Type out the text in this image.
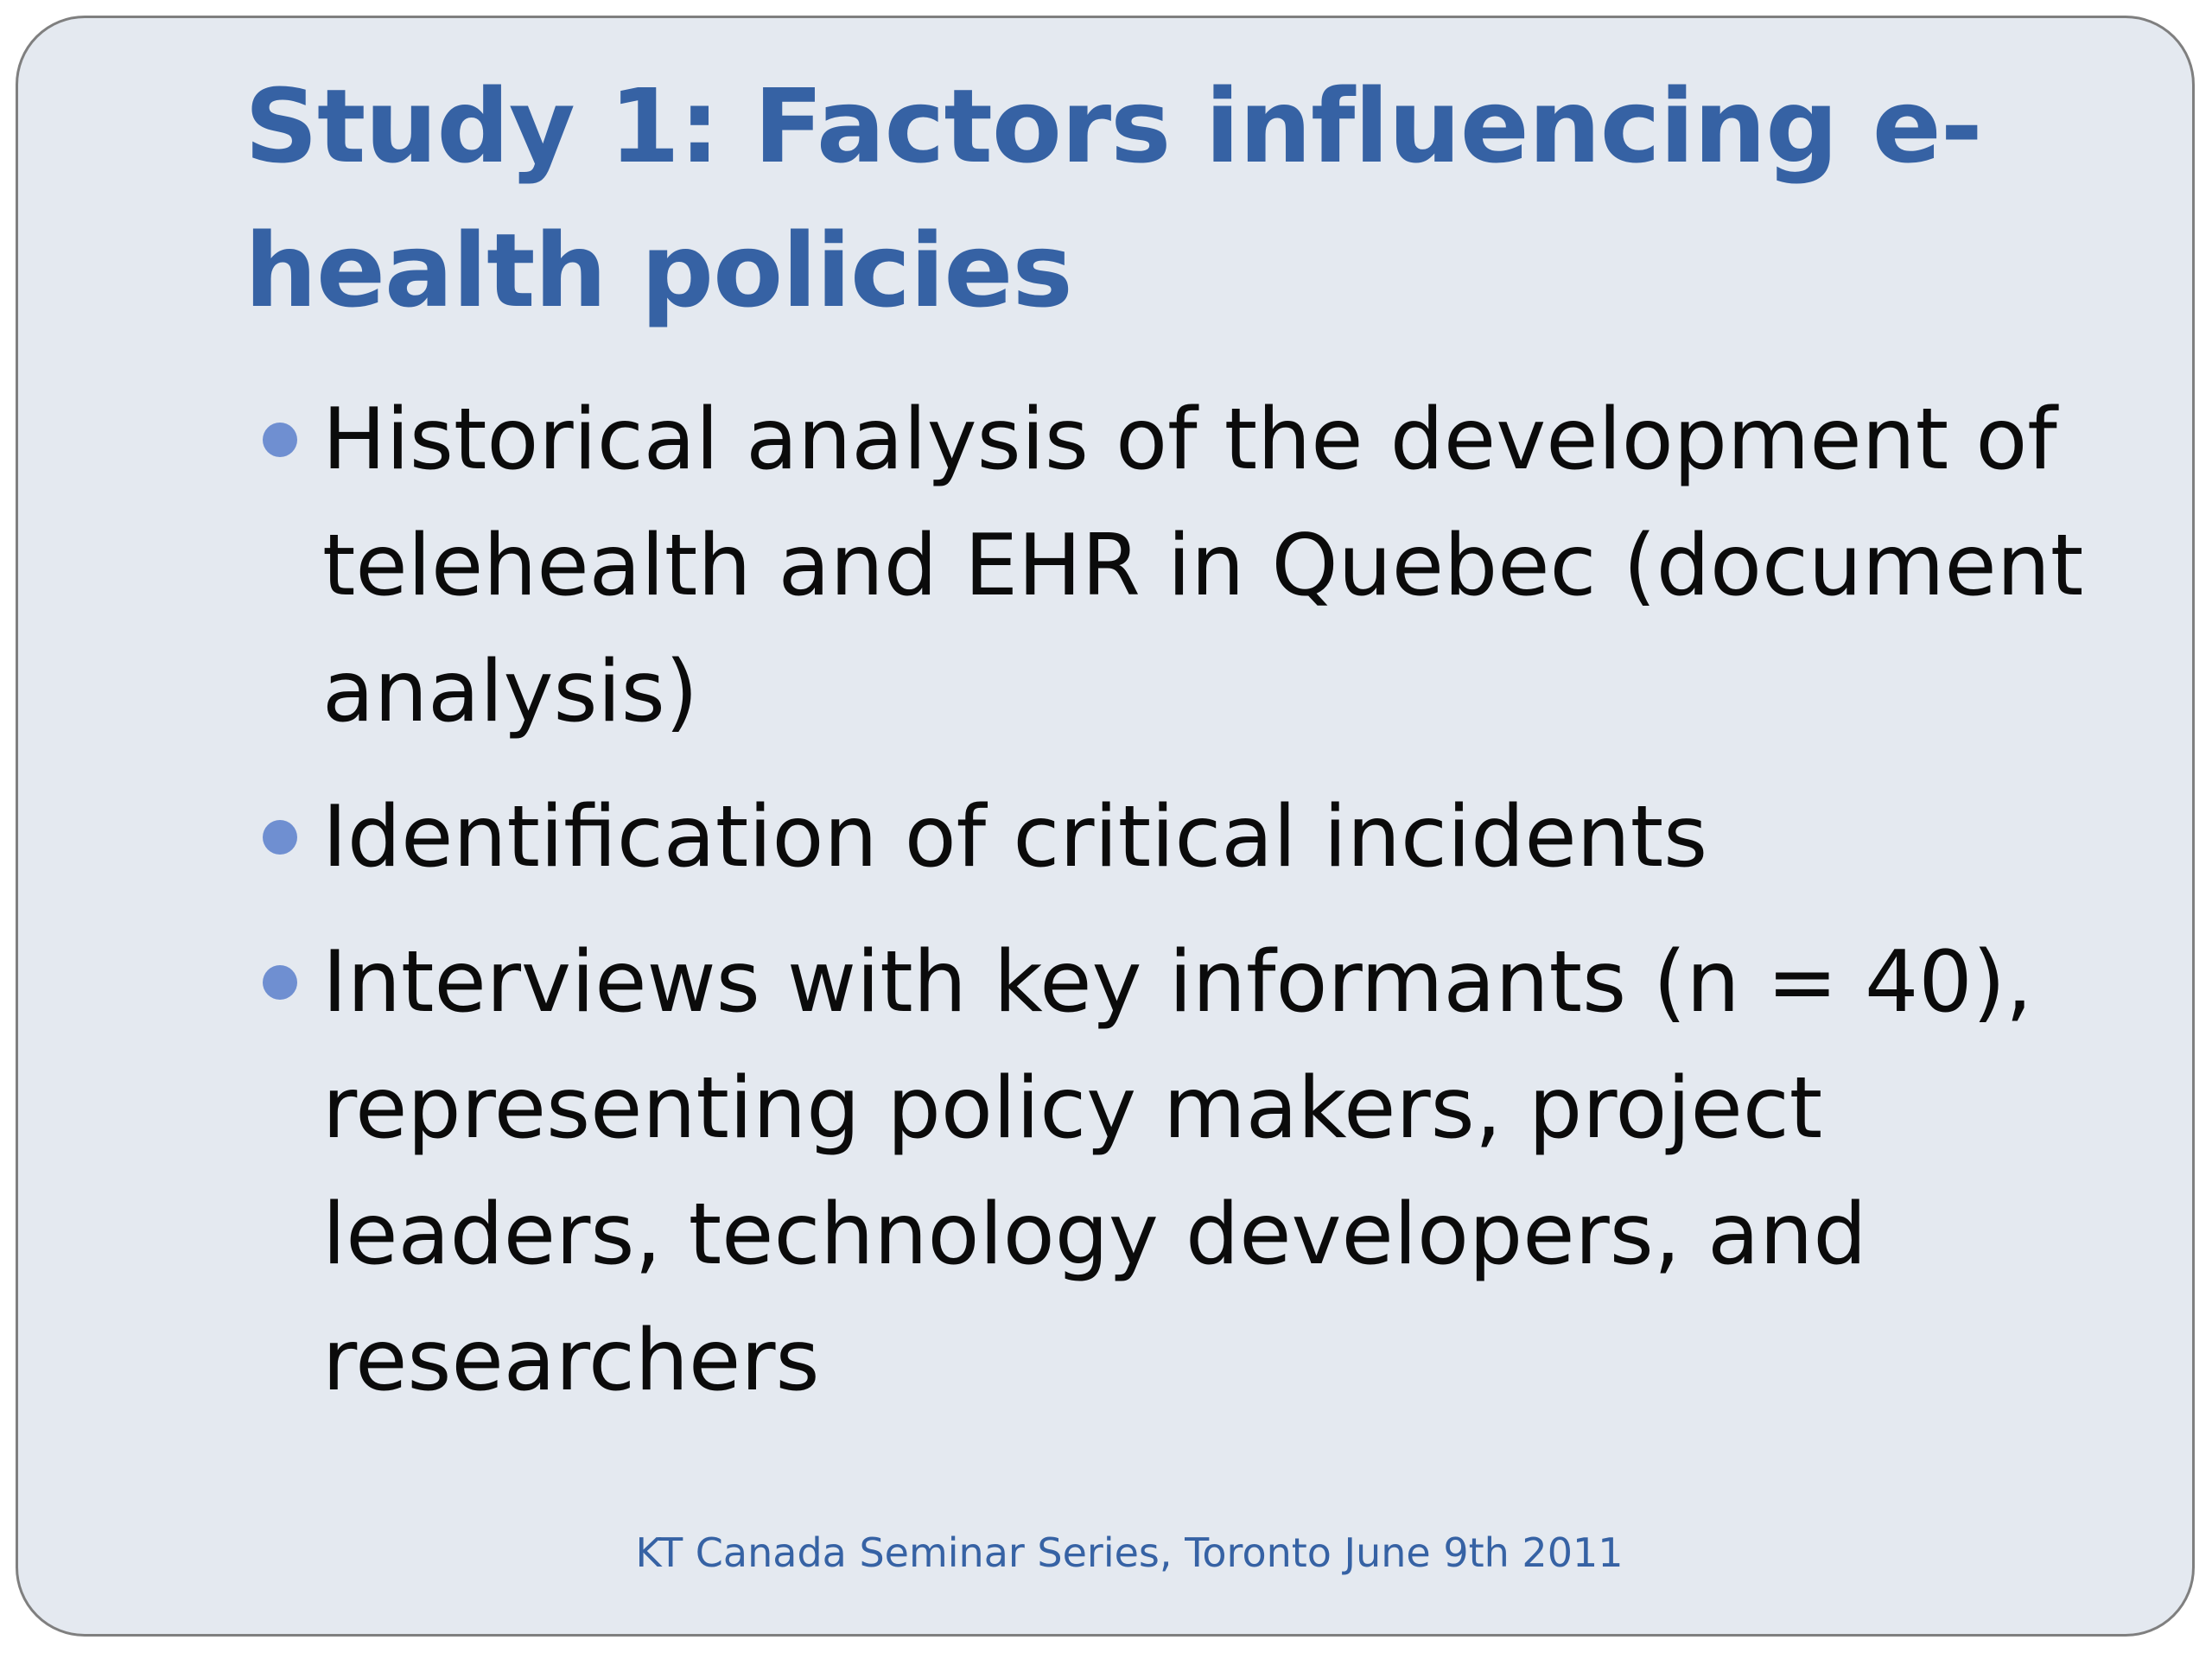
Study 1: Factors influencing e-health policies
Historical analysis of the development of telehealth and EHR in Quebec (document analysis)
Identification of critical incidents
Interviews with key informants (n = 40), representing policy makers, project leaders, technology developers, and researchers
KT Canada Seminar Series, Toronto June 9th 2011
